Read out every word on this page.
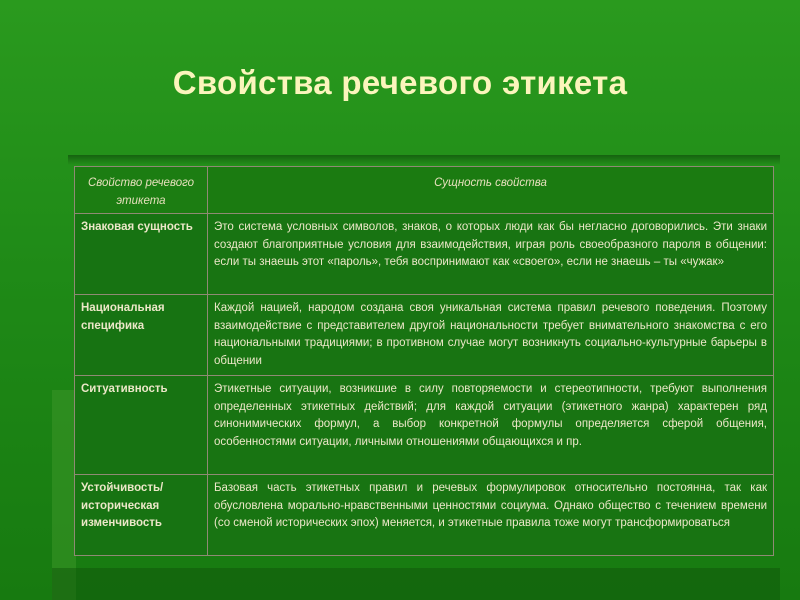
Свойства речевого этикета
Свойство речевого этикета	Сущность свойства
Знаковая сущность	Это система условных символов, знаков, о которых люди как бы негласно договорились. Эти знаки создают благоприятные условия для взаимодействия, играя роль своеобразного пароля в общении: если ты знаешь этот «пароль», тебя воспринимают как «своего», если не знаешь – ты «чужак»
Национальная специфика	Каждой нацией, народом создана своя уникальная система правил речевого поведения. Поэтому взаимодействие с представителем другой национальности требует внимательного знакомства с его национальными традициями; в противном случае могут возникнуть социально-культурные барьеры в общении
Ситуативность	Этикетные ситуации, возникшие в силу повторяемости и стереотипности, требуют выполнения определенных этикетных действий; для каждой ситуации (этикетного жанра) характерен ряд синонимических формул, а выбор конкретной формулы определяется сферой общения, особенностями ситуации, личными отношениями общающихся и пр.
Устойчивость/ историческая изменчивость	Базовая часть этикетных правил и речевых формулировок относительно постоянна, так как обусловлена морально-нравственными ценностями социума. Однако общество с течением времени (со сменой исторических эпох) меняется, и этикетные правила тоже могут трансформироваться
